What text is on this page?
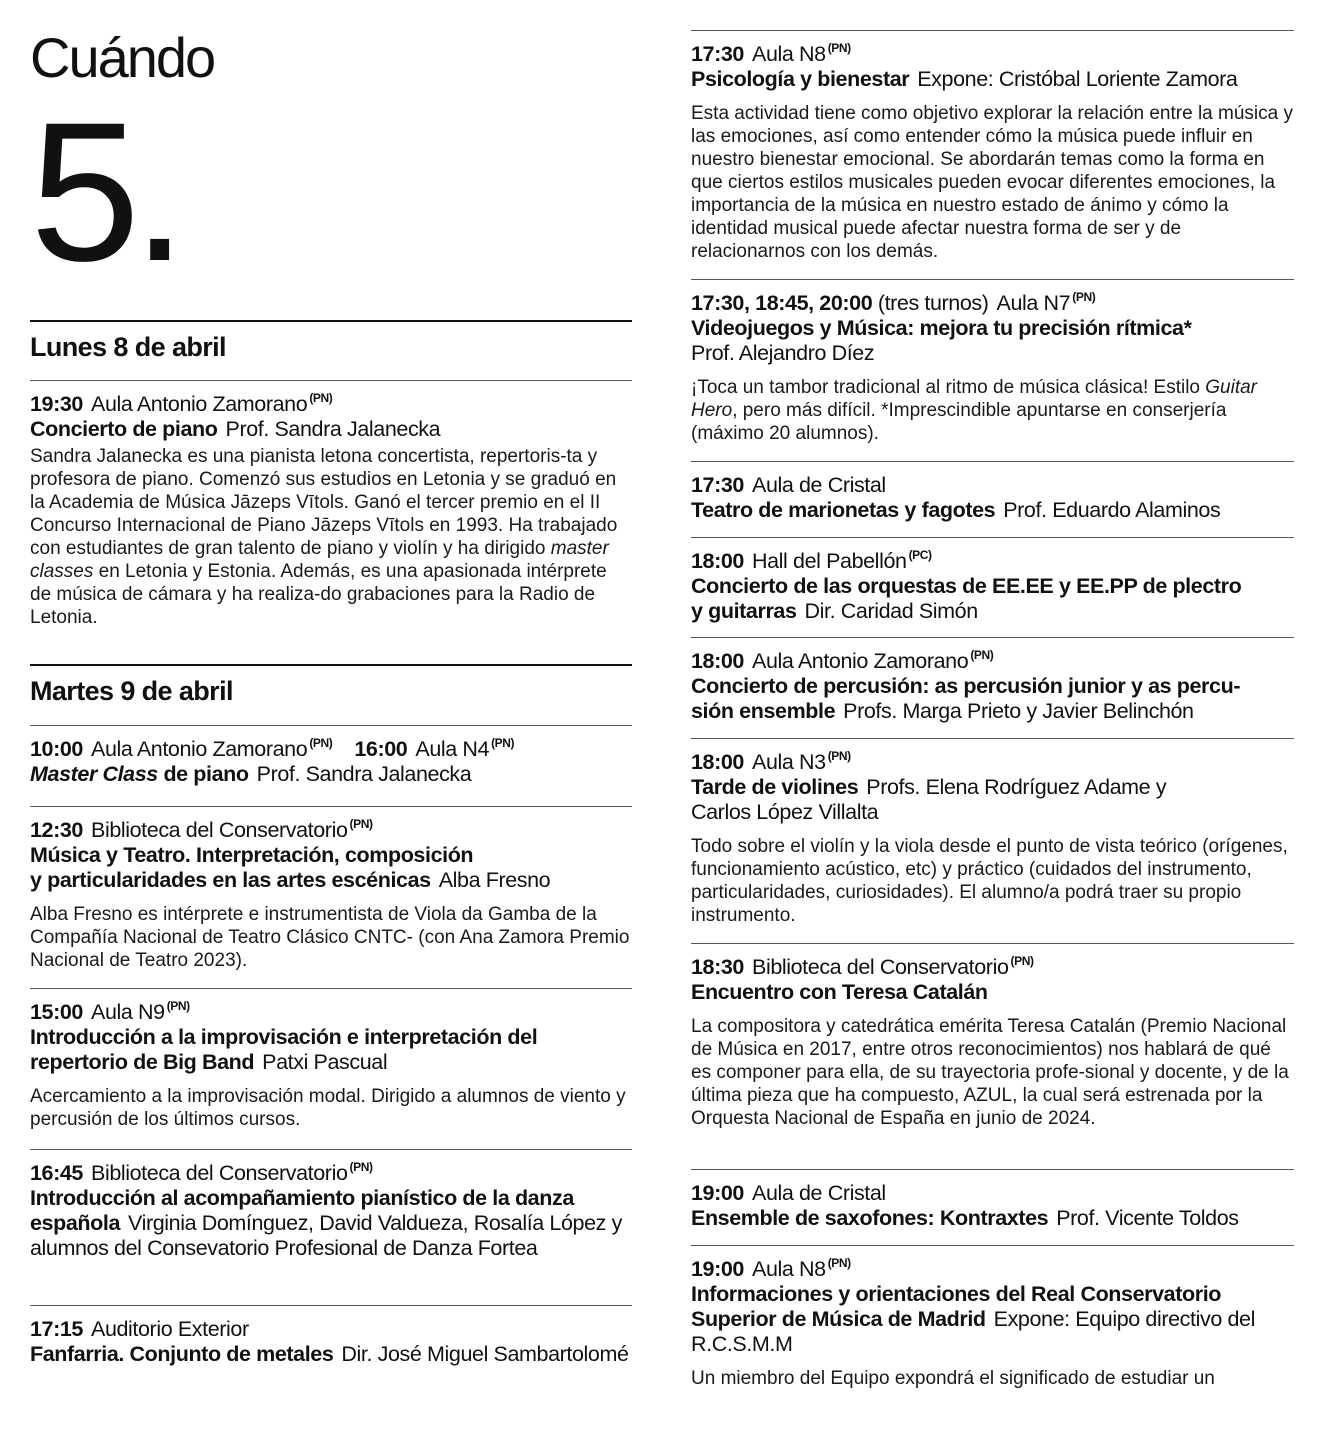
Cuándo
5.
Lunes 8 de abril
19:30 Aula Antonio Zamorano $^{(PN)}$
Concierto de piano Prof. Sandra Jalanecka
Sandra Jalanecka es una pianista letona concertista, repertoris-ta y profesora de piano. Comenzó sus estudios en Letonia y se graduó en la Academia de Música Jāzeps Vītols. Ganó el tercer premio en el II Concurso Internacional de Piano Jāzeps Vītols en 1993. Ha trabajado con estudiantes de gran talento de piano y violín y ha dirigido master classes en Letonia y Estonia. Además, es una apasionada intérprete de música de cámara y ha realiza-do grabaciones para la Radio de Letonia.
Martes 9 de abril
10:00 Aula Antonio Zamorano $^{(PN)}$ 16:00 Aula N4 $^{(PN)}$
Master Class de piano Prof. Sandra Jalanecka
12:30 Biblioteca del Conservatorio $^{(PN)}$
Música y Teatro. Interpretación, composición
y particularidades en las artes escénicas Alba Fresno
Alba Fresno es intérprete e instrumentista de Viola da Gamba de la Compañía Nacional de Teatro Clásico CNTC- (con Ana Zamora Premio Nacional de Teatro 2023).
15:00 Aula N9 $^{(PN)}$
Introducción a la improvisación e interpretación del
repertorio de Big Band Patxi Pascual
Acercamiento a la improvisación modal. Dirigido a alumnos de viento y percusión de los últimos cursos.
16:45 Biblioteca del Conservatorio $^{(PN)}$
Introducción al acompañamiento pianístico de la danza
española Virginia Domínguez, David Valdueza, Rosalía López y alumnos del Consevatorio Profesional de Danza Fortea
17:15 Auditorio Exterior
Fanfarria. Conjunto de metales Dir. José Miguel Sambartolomé
17:30 Aula N8 $^{(PN)}$
Psicología y bienestar Expone: Cristóbal Loriente Zamora
Esta actividad tiene como objetivo explorar la relación entre la música y las emociones, así como entender cómo la música puede influir en nuestro bienestar emocional. Se abordarán temas como la forma en que ciertos estilos musicales pueden evocar diferentes emociones, la importancia de la música en nuestro estado de ánimo y cómo la identidad musical puede afectar nuestra forma de ser y de relacionarnos con los demás.
17:30, 18:45, 20:00 (tres turnos) Aula N7 $^{(PN)}$
Videojuegos y Música: mejora tu precisión rítmica*
Prof. Alejandro Díez
¡Toca un tambor tradicional al ritmo de música clásica! Estilo Guitar Hero, pero más difícil. *Imprescindible apuntarse en conserjería (máximo 20 alumnos).
17:30 Aula de Cristal
Teatro de marionetas y fagotes Prof. Eduardo Alaminos
18:00 Hall del Pabellón $^{(PC)}$
Concierto de las orquestas de EE.EE y EE.PP de plectro
y guitarras Dir. Caridad Simón
18:00 Aula Antonio Zamorano $^{(PN)}$
Concierto de percusión: as percusión junior y as percu-
sión ensemble Profs. Marga Prieto y Javier Belinchón
18:00 Aula N3 $^{(PN)}$
Tarde de violines Profs. Elena Rodríguez Adame y Carlos López Villalta
Todo sobre el violín y la viola desde el punto de vista teórico (orígenes, funcionamiento acústico, etc) y práctico (cuidados del instrumento, particularidades, curiosidades). El alumno/a podrá traer su propio instrumento.
18:30 Biblioteca del Conservatorio $^{(PN)}$
Encuentro con Teresa Catalán
La compositora y catedrática emérita Teresa Catalán (Premio Nacional de Música en 2017, entre otros reconocimientos) nos hablará de qué es componer para ella, de su trayectoria profe-sional y docente, y de la última pieza que ha compuesto, AZUL, la cual será estrenada por la Orquesta Nacional de España en junio de 2024.
19:00 Aula de Cristal
Ensemble de saxofones: Kontraxtes Prof. Vicente Toldos
19:00 Aula N8 $^{(PN)}$
Informaciones y orientaciones del Real Conservatorio
Superior de Música de Madrid Expone: Equipo directivo del R.C.S.M.M
Un miembro del Equipo expondrá el significado de estudiar un
